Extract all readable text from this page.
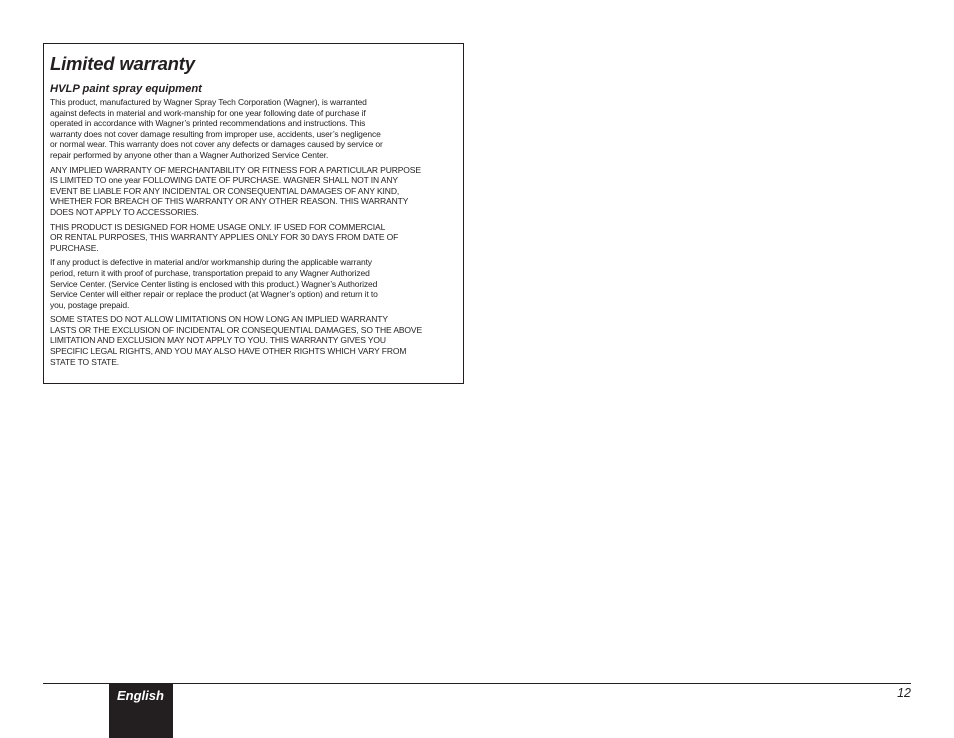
Limited warranty
HVLP paint spray equipment

This product, manufactured by Wagner Spray Tech Corporation (Wagner), is warranted
against defects in material and work-manship for one year following date of purchase if
operated in accordance with Wagner’s printed recommendations and instructions. This
warranty does not cover damage resulting from improper use, accidents, user’s negligence
or normal wear. This warranty does not cover any defects or damages caused by service or
repair performed by anyone other than a Wagner Authorized Service Center.

ANY IMPLIED WARRANTY OF MERCHANTABILITY OR FITNESS FOR A PARTICULAR PURPOSE
IS LIMITED TO one year FOLLOWING DATE OF PURCHASE. WAGNER SHALL NOT IN ANY
EVENT BE LIABLE FOR ANY INCIDENTAL OR CONSEQUENTIAL DAMAGES OF ANY KIND,
WHETHER FOR BREACH OF THIS WARRANTY OR ANY OTHER REASON. THIS WARRANTY
DOES NOT APPLY TO ACCESSORIES.

THIS PRODUCT IS DESIGNED FOR HOME USAGE ONLY. IF USED FOR COMMERCIAL
OR RENTAL PURPOSES, THIS WARRANTY APPLIES ONLY FOR 30 DAYS FROM DATE OF
PURCHASE.

If any product is defective in material and/or workmanship during the applicable warranty
period, return it with proof of purchase, transportation prepaid to any Wagner Authorized
Service Center. (Service Center listing is enclosed with this product.) Wagner’s Authorized
Service Center will either repair or replace the product (at Wagner’s option) and return it to
you, postage prepaid.

SOME STATES DO NOT ALLOW LIMITATIONS ON HOW LONG AN IMPLIED WARRANTY
LASTS OR THE EXCLUSION OF INCIDENTAL OR CONSEQUENTIAL DAMAGES, SO THE ABOVE
LIMITATION AND EXCLUSION MAY NOT APPLY TO YOU. THIS WARRANTY GIVES YOU
SPECIFIC LEGAL RIGHTS, AND YOU MAY ALSO HAVE OTHER RIGHTS WHICH VARY FROM
STATE TO STATE.

English	12
